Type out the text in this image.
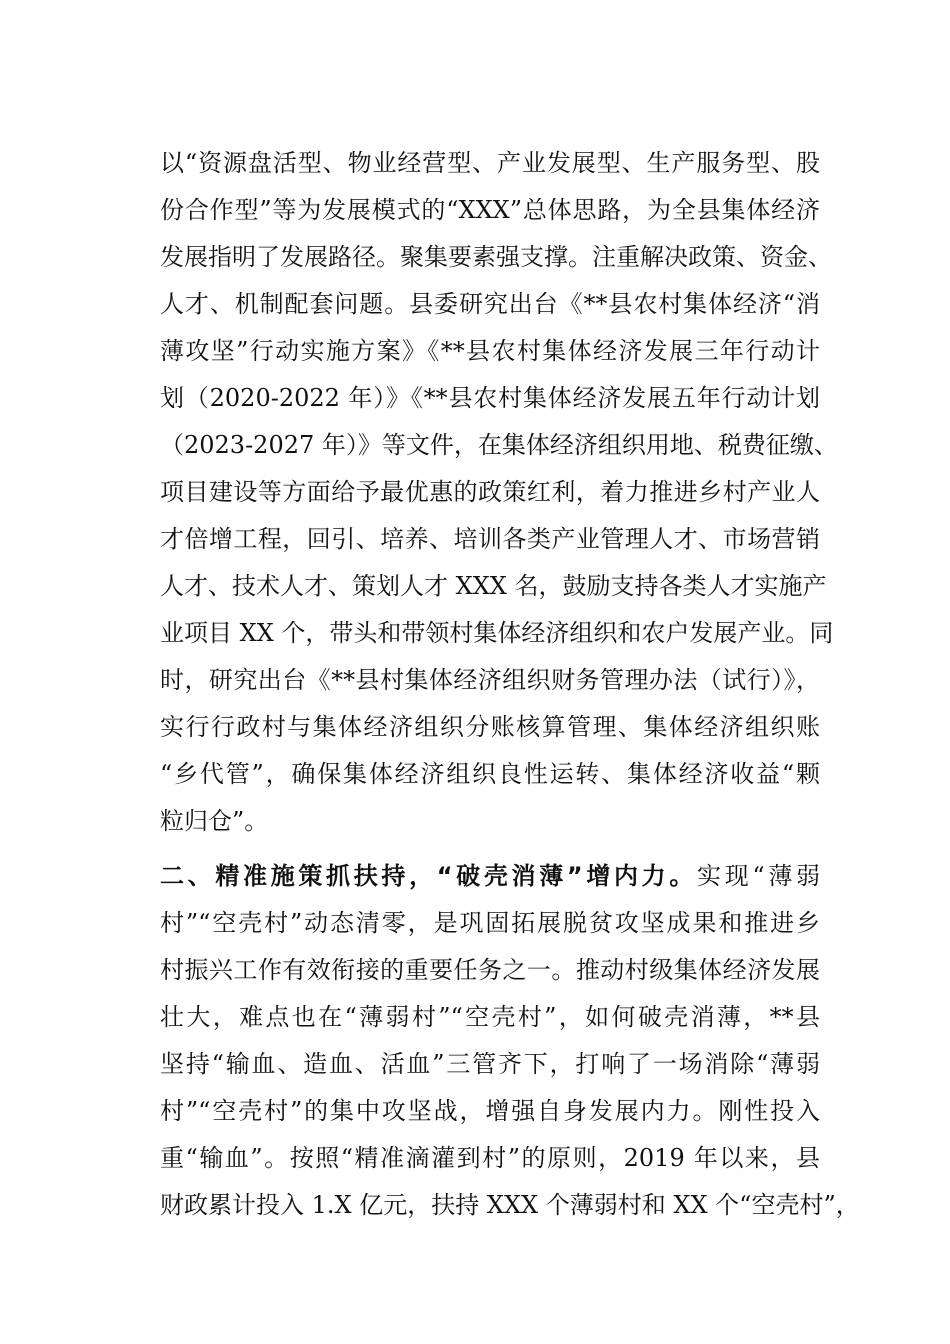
以“资源盘活型、物业经营型、产业发展型、生产服务型、股
份合作型”等为发展模式的“XXX”总体思路，为全县集体经济
发展指明了发展路径。聚集要素强支撑。注重解决政策、资金、
人才、机制配套问题。县委研究出台《**县农村集体经济“消
薄攻坚”行动实施方案》《**县农村集体经济发展三年行动计
划（2020-2022 年）》《**县农村集体经济发展五年行动计划
（2023-2027 年）》等文件，在集体经济组织用地、税费征缴、
项目建设等方面给予最优惠的政策红利，着力推进乡村产业人
才倍增工程，回引、培养、培训各类产业管理人才、市场营销
人才、技术人才、策划人才 XXX 名，鼓励支持各类人才实施产
业项目 XX 个，带头和带领村集体经济组织和农户发展产业。同
时，研究出台《**县村集体经济组织财务管理办法（试行）》，
实行行政村与集体经济组织分账核算管理、集体经济组织账
“乡代管”，确保集体经济组织良性运转、集体经济收益“颗
粒归仓”。
二、精准施策抓扶持，“破壳消薄”增内力。实现“薄弱
村”“空壳村”动态清零，是巩固拓展脱贫攻坚成果和推进乡
村振兴工作有效衔接的重要任务之一。推动村级集体经济发展
壮大，难点也在“薄弱村”“空壳村”，如何破壳消薄，**县
坚持“输血、造血、活血”三管齐下，打响了一场消除“薄弱
村”“空壳村”的集中攻坚战，增强自身发展内力。刚性投入
重“输血”。按照“精准滴灌到村”的原则，2019 年以来，县
财政累计投入 1.X 亿元，扶持 XXX 个薄弱村和 XX 个“空壳村”，
